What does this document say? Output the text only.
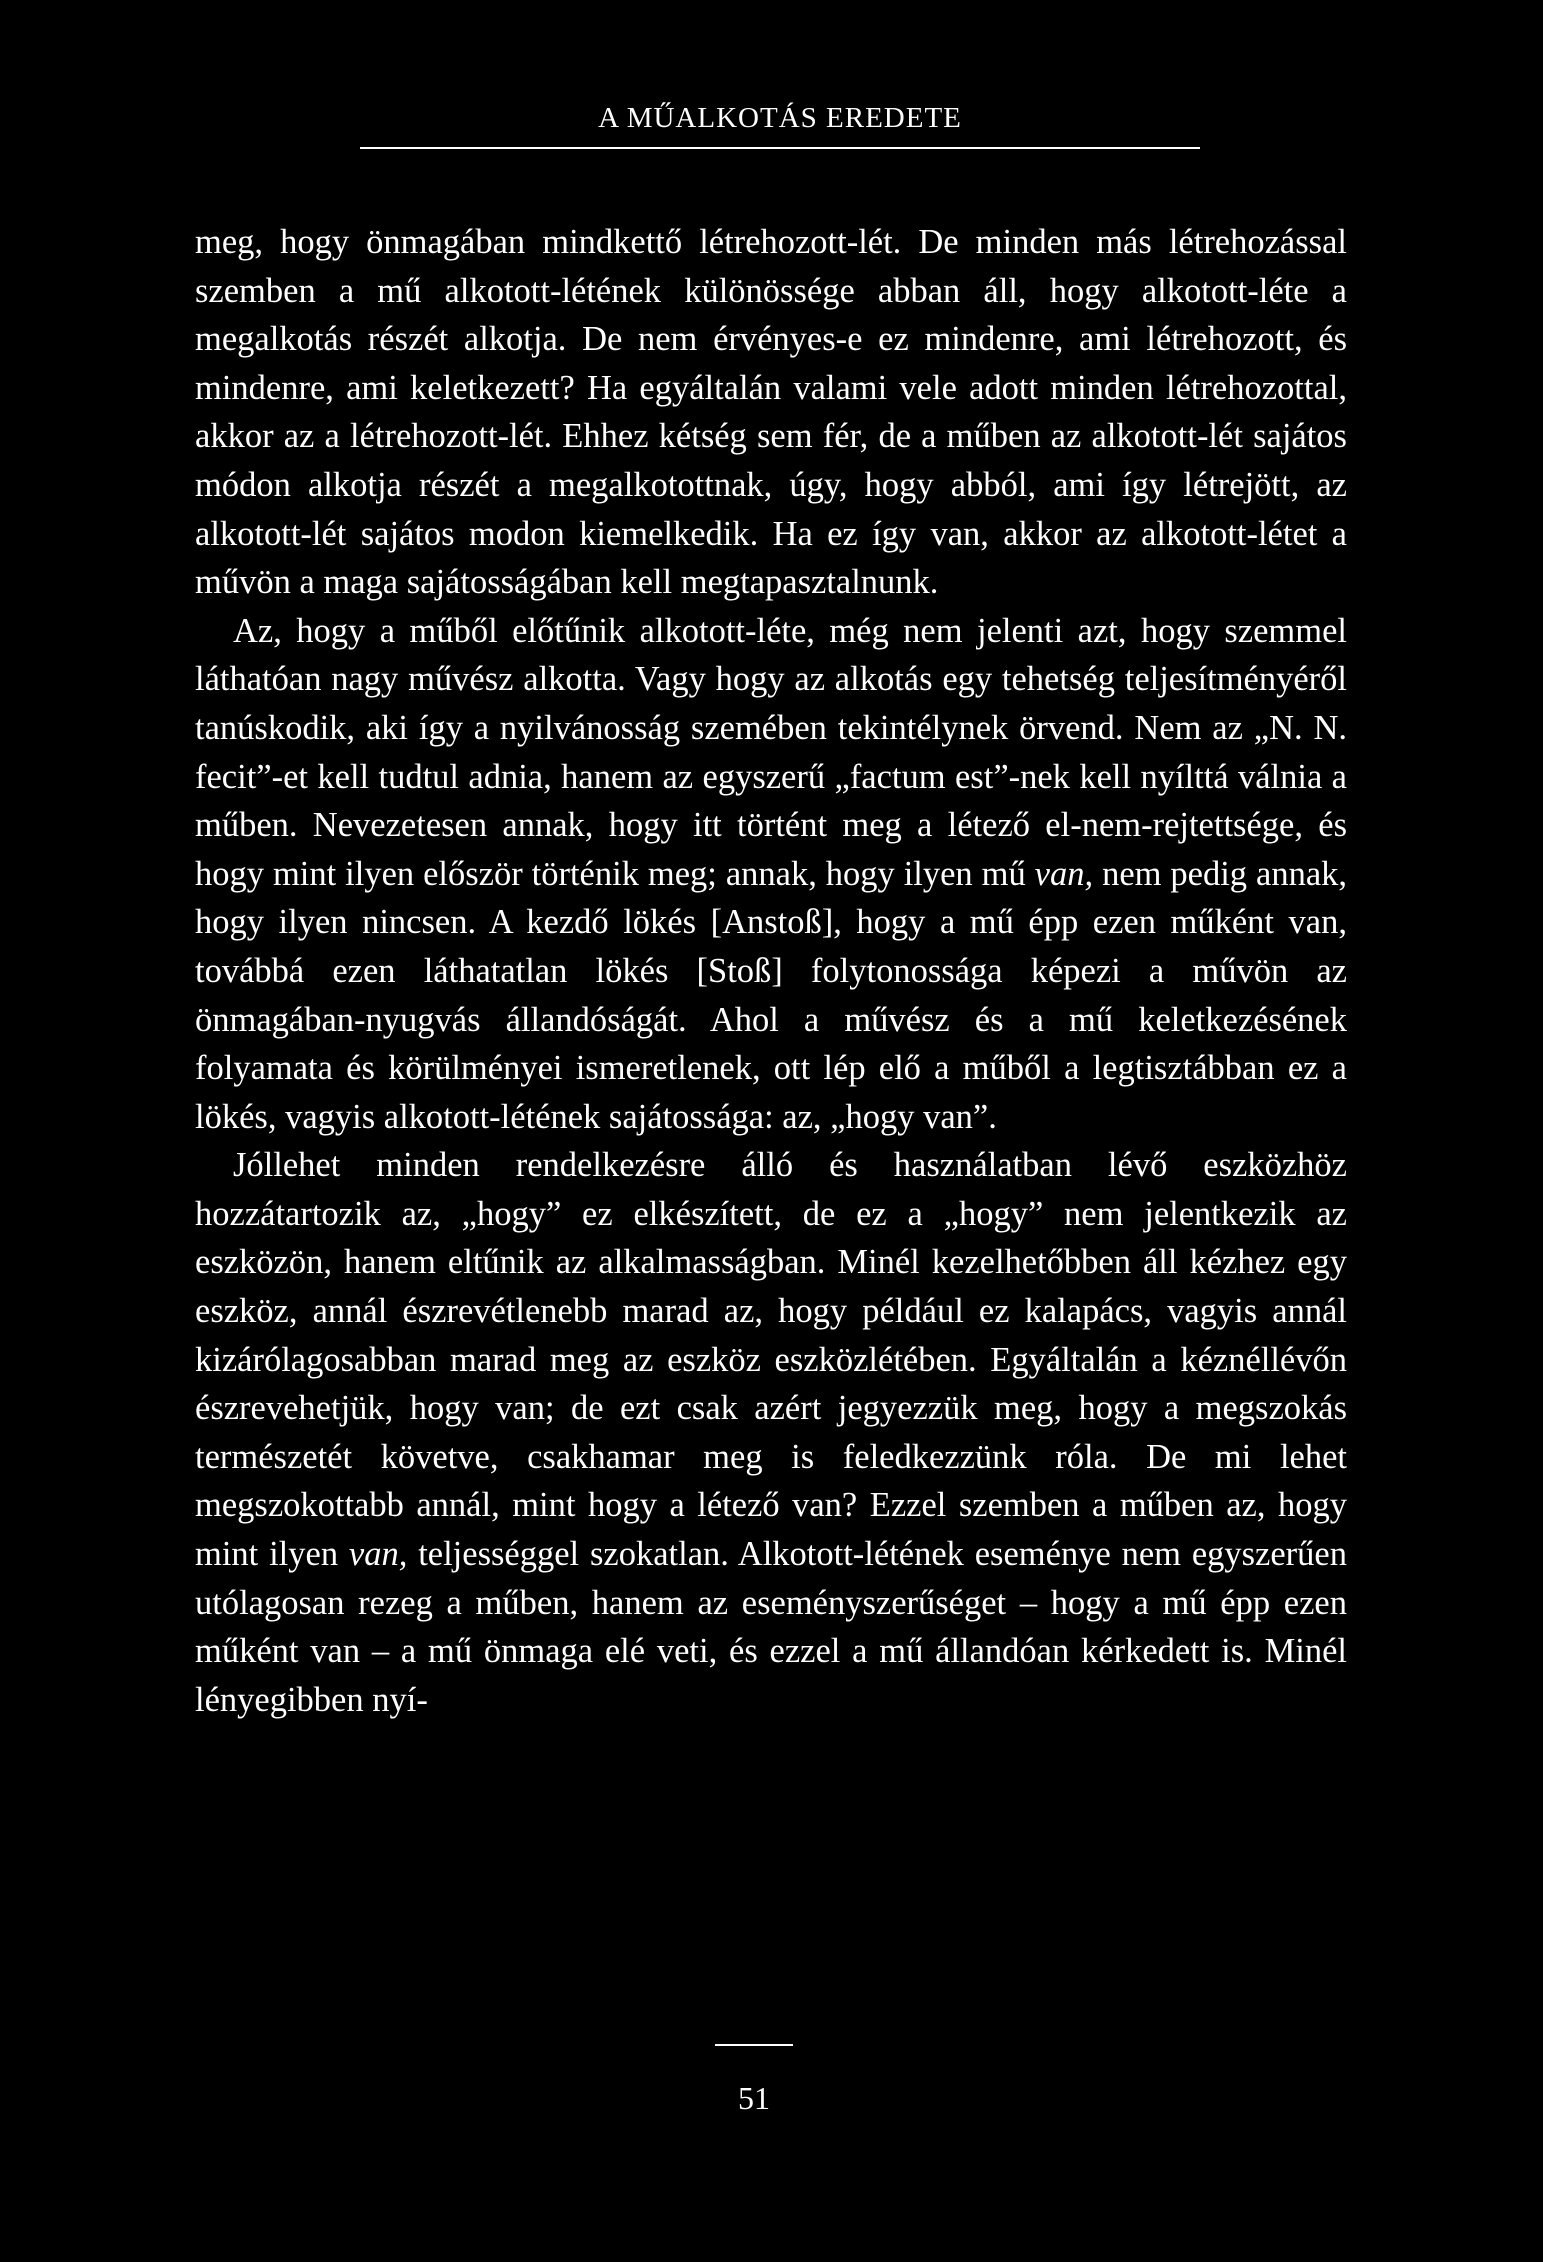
A MŰALKOTÁS EREDETE

meg, hogy önmagában mindkettő létrehozott-lét. De minden más létrehozással szemben a mű alkotott-létének különössége abban áll, hogy alkotott-léte a megalkotás részét alkotja. De nem érvényes-e ez mindenre, ami létrehozott, és mindenre, ami keletkezett? Ha egyáltalán valami vele adott minden létrehozottal, akkor az a létrehozott-lét. Ehhez kétség sem fér, de a műben az alkotott-lét sajátos módon alkotja részét a megalkotottnak, úgy, hogy abból, ami így létrejött, az alkotott-lét sajátos modon kiemelkedik. Ha ez így van, akkor az alkotott-létet a művön a maga sajátosságában kell megtapasztalnunk.

Az, hogy a műből előtűnik alkotott-léte, még nem jelenti azt, hogy szemmel láthatóan nagy művész alkotta. Vagy hogy az alkotás egy tehetség teljesítményéről tanúskodik, aki így a nyilvánosság szemében tekintélynek örvend. Nem az „N. N. fecit”-et kell tudtul adnia, hanem az egyszerű „factum est”-nek kell nyílttá válnia a műben. Nevezetesen annak, hogy itt történt meg a létező el-nem-rejtettsége, és hogy mint ilyen először történik meg; annak, hogy ilyen mű van, nem pedig annak, hogy ilyen nincsen. A kezdő lökés [Anstoß], hogy a mű épp ezen műként van, továbbá ezen láthatatlan lökés [Stoß] folytonossága képezi a művön az önmagában-nyugvás állandóságát. Ahol a művész és a mű keletkezésének folyamata és körülményei ismeretlenek, ott lép elő a műből a legtisztábban ez a lökés, vagyis alkotott-létének sajátossága: az, „hogy van”.

Jóllehet minden rendelkezésre álló és használatban lévő eszközhöz hozzátartozik az, „hogy” ez elkészített, de ez a „hogy” nem jelentkezik az eszközön, hanem eltűnik az alkalmasságban. Minél kezelhetőbben áll kézhez egy eszköz, annál észrevétlenebb marad az, hogy például ez kalapács, vagyis annál kizárólagosabban marad meg az eszköz eszközlétében. Egyáltalán a kéznéllévőn észrevehetjük, hogy van; de ezt csak azért jegyezzük meg, hogy a megszokás természetét követve, csakhamar meg is feledkezzünk róla. De mi lehet megszokottabb annál, mint hogy a létező van? Ezzel szemben a műben az, hogy mint ilyen van, teljességgel szokatlan. Alkotott-létének eseménye nem egyszerűen utólagosan rezeg a műben, hanem az eseményszerűséget – hogy a mű épp ezen műként van – a mű önmaga elé veti, és ezzel a mű állandóan kérkedett is. Minél lényegibben nyí-

51
